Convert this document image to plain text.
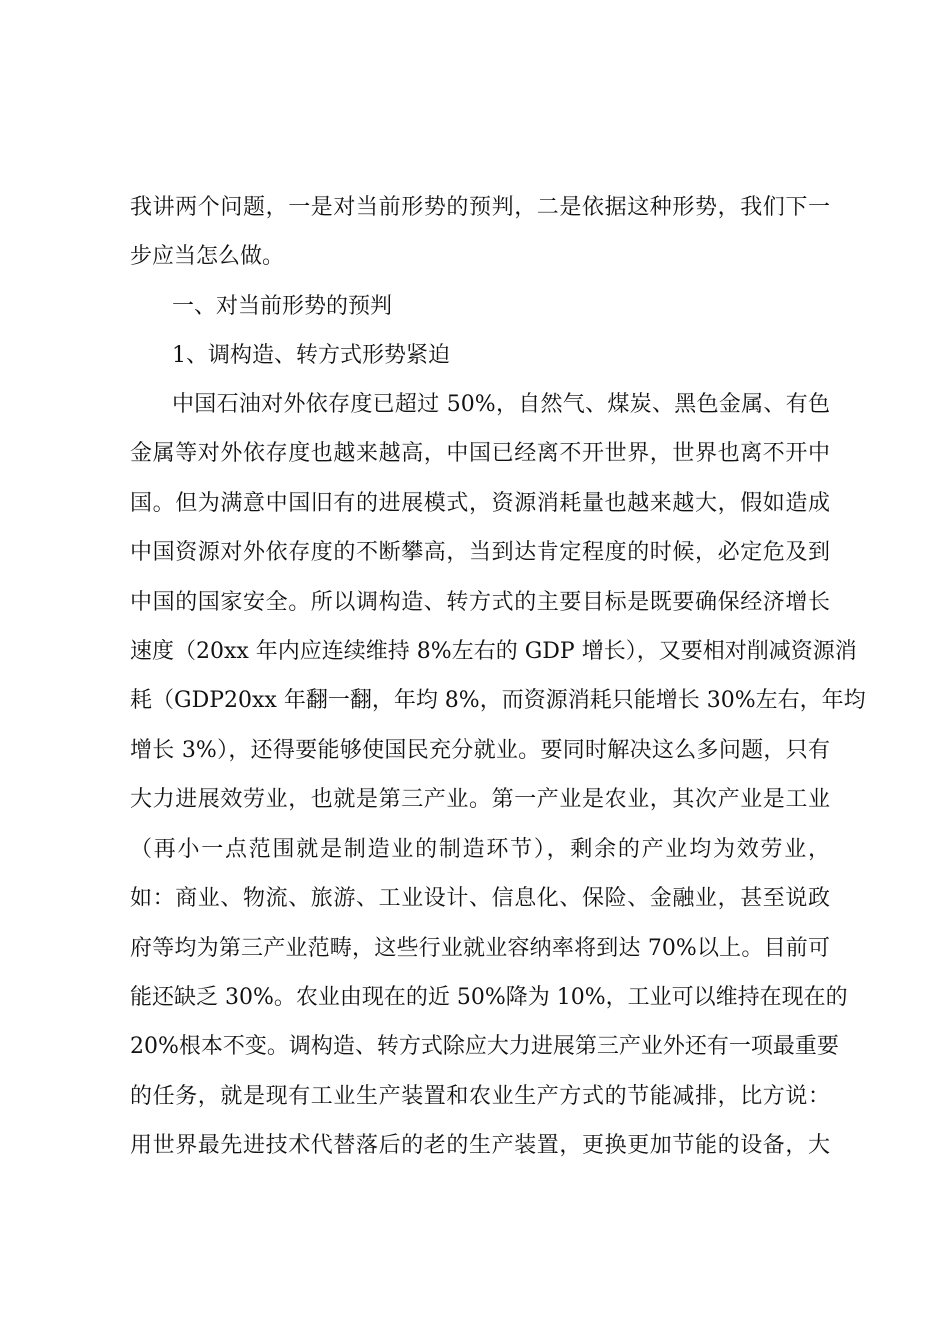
我讲两个问题，一是对当前形势的预判，二是依据这种形势，我们下一
步应当怎么做。
一、对当前形势的预判
1、调构造、转方式形势紧迫
中国石油对外依存度已超过 50%，自然气、煤炭、黑色金属、有色
金属等对外依存度也越来越高，中国已经离不开世界，世界也离不开中
国。但为满意中国旧有的进展模式，资源消耗量也越来越大，假如造成
中国资源对外依存度的不断攀高，当到达肯定程度的时候，必定危及到
中国的国家安全。所以调构造、转方式的主要目标是既要确保经济增长
速度（20xx 年内应连续维持 8%左右的 GDP 增长），又要相对削减资源消
耗（GDP20xx 年翻一翻，年均 8%，而资源消耗只能增长 30%左右，年均
增长 3%），还得要能够使国民充分就业。要同时解决这么多问题，只有
大力进展效劳业，也就是第三产业。第一产业是农业，其次产业是工业
（再小一点范围就是制造业的制造环节），剩余的产业均为效劳业，
如：商业、物流、旅游、工业设计、信息化、保险、金融业，甚至说政
府等均为第三产业范畴，这些行业就业容纳率将到达 70%以上。目前可
能还缺乏 30%。农业由现在的近 50%降为 10%，工业可以维持在现在的
20%根本不变。调构造、转方式除应大力进展第三产业外还有一项最重要
的任务，就是现有工业生产装置和农业生产方式的节能减排，比方说：
用世界最先进技术代替落后的老的生产装置，更换更加节能的设备，大
